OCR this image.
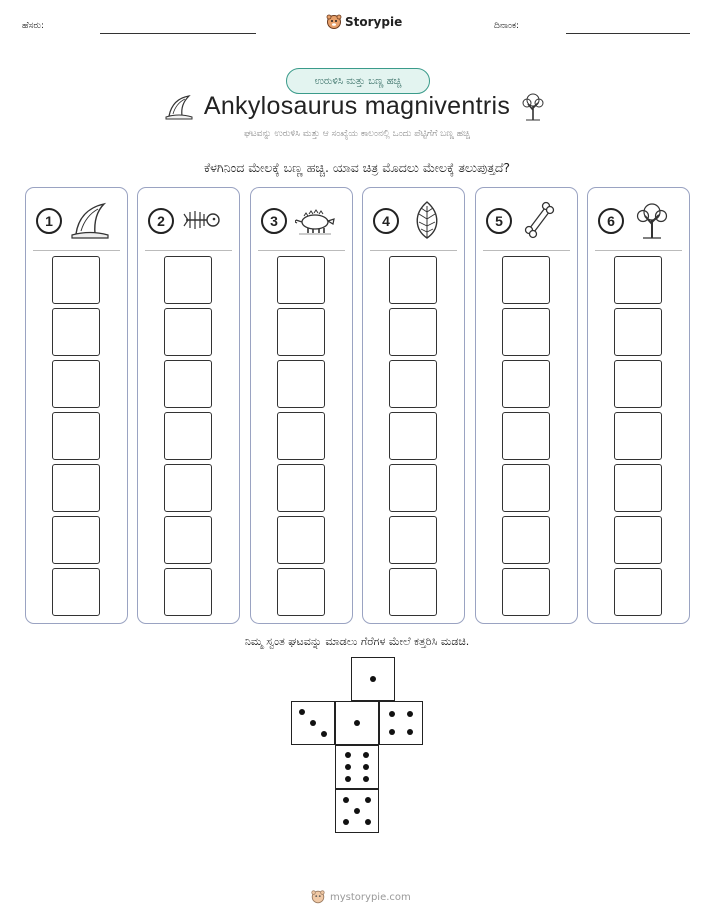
ಹೆಸರು:	Storypie	ದಿನಾಂಕ:
ಉರುಳಿಸಿ ಮತ್ತು ಬಣ್ಣ ಹಚ್ಚಿ
Ankylosaurus magniventris
ಘಟವನ್ನು ಉರುಳಿಸಿ ಮತ್ತು ಆ ಸಂಖ್ಯೆಯ ಕಾಲಂನಲ್ಲಿ ಒಂದು ಪೆಟ್ಟಿಗೆಗೆ ಬಣ್ಣ ಹಚ್ಚಿ
ಕೆಳಗಿನಿಂದ ಮೇಲಕ್ಕೆ ಬಣ್ಣ ಹಚ್ಚಿ. ಯಾವ ಚಿತ್ರ ಮೊದಲು ಮೇಲಕ್ಕೆ ತಲುಪುತ್ತದೆ?
1	2	3	4	5	6
ನಿಮ್ಮ ಸ್ವಂತ ಘಟವನ್ನು ಮಾಡಲು ಗೆರೆಗಳ ಮೇಲೆ ಕತ್ತರಿಸಿ ಮಡಚಿ.
mystorypie.com
